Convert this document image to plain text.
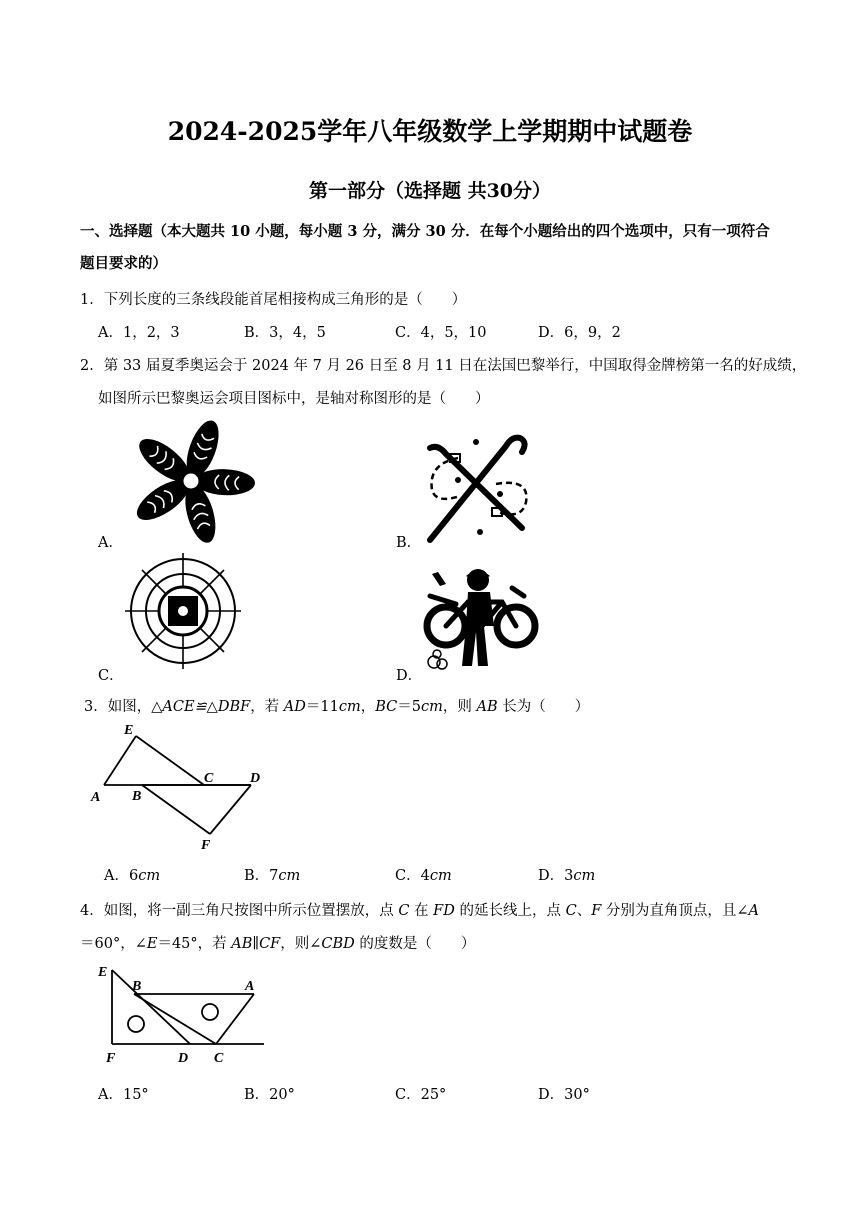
2024-2025学年八年级数学上学期期中试题卷
第一部分（选择题 共30分）
一、选择题（本大题共 10 小题，每小题 3 分，满分 30 分．在每个小题给出的四个选项中，只有一项符合
题目要求的）
1．下列长度的三条线段能首尾相接构成三角形的是（　　）
A．1，2，3	B．3，4，5	C．4，5，10	D．6，9，2
2．第 33 届夏季奥运会于 2024 年 7 月 26 日至 8 月 11 日在法国巴黎举行，中国取得金牌榜第一名的好成绩，
如图所示巴黎奥运会项目图标中，是轴对称图形的是（　　）
A．	B．
C．	D．
3．如图，△ACE≌△DBF，若 AD＝11cm，BC＝5cm，则 AB 长为（　　）
E
C	D
A B
F
A．6cm	B．7cm	C．4cm	D．3cm
4．如图，将一副三角尺按图中所示位置摆放，点 C 在 FD 的延长线上，点 C、F 分别为直角顶点，且∠A
＝60°，∠E＝45°，若 AB∥CF，则∠CBD 的度数是（　　）
E
B	A
F	D C
A．15°	B．20°	C．25°	D．30°
